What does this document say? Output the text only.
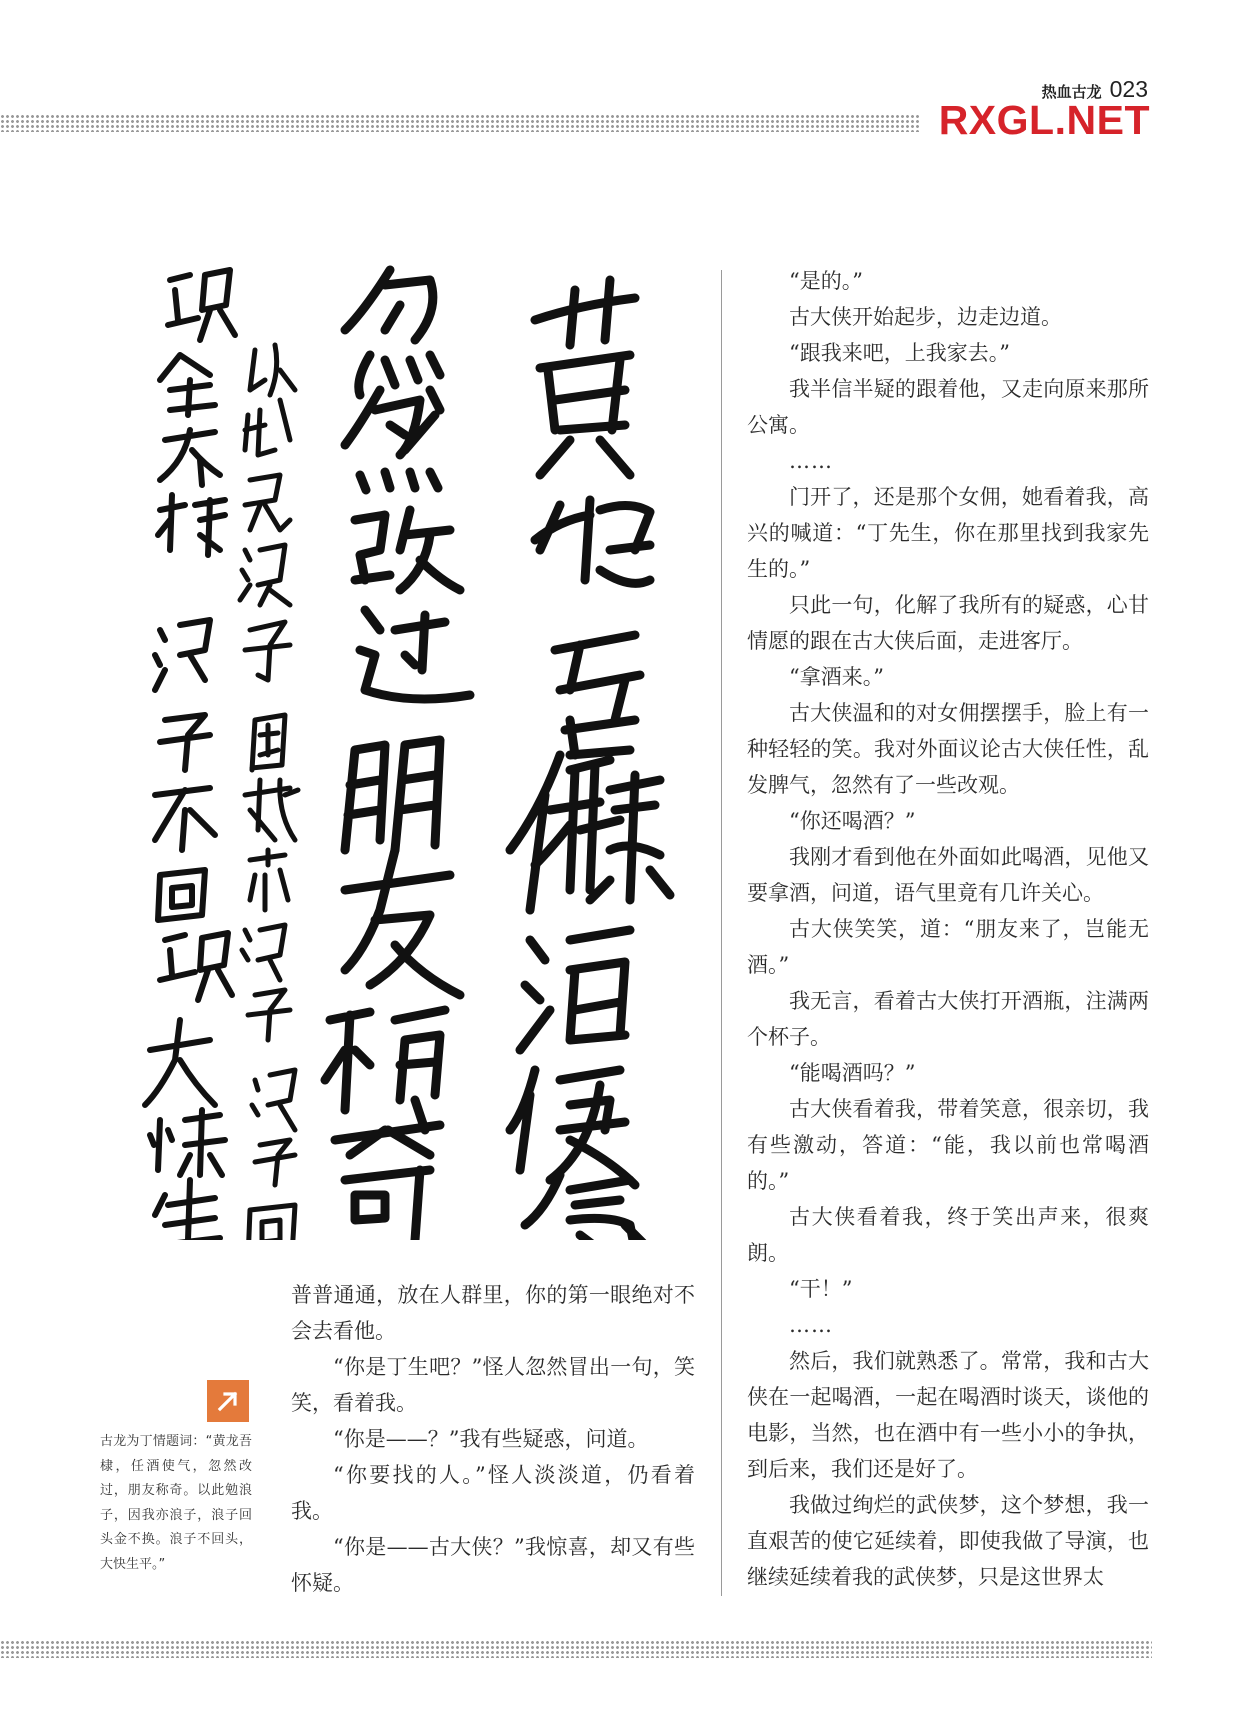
热血古龙 023
RXGL.NET

普普通通，放在人群里，你的第一眼绝对不会去看他。

“你是丁生吧？”怪人忽然冒出一句，笑笑，看着我。

“你是——？”我有些疑惑，问道。

“你要找的人。”怪人淡淡道，仍看着我。

“你是——古大侠？”我惊喜，却又有些怀疑。

“是的。”

古大侠开始起步，边走边道。

“跟我来吧，上我家去。”

我半信半疑的跟着他，又走向原来那所公寓。

……

门开了，还是那个女佣，她看着我，高兴的喊道：“丁先生，你在那里找到我家先生的。”

只此一句，化解了我所有的疑惑，心甘情愿的跟在古大侠后面，走进客厅。

“拿酒来。”

古大侠温和的对女佣摆摆手，脸上有一种轻轻的笑。我对外面议论古大侠任性，乱发脾气，忽然有了一些改观。

“你还喝酒？”

我刚才看到他在外面如此喝酒，见他又要拿酒，问道，语气里竟有几许关心。

古大侠笑笑，道：“朋友来了，岂能无酒。”

我无言，看着古大侠打开酒瓶，注满两个杯子。

“能喝酒吗？”

古大侠看着我，带着笑意，很亲切，我有些激动，答道：“能，我以前也常喝酒的。”

古大侠看着我，终于笑出声来，很爽朗。

“干！”

……

然后，我们就熟悉了。常常，我和古大侠在一起喝酒，一起在喝酒时谈天，谈他的电影，当然，也在酒中有一些小小的争执，到后来，我们还是好了。

我做过绚烂的武侠梦，这个梦想，我一直艰苦的使它延续着，即使我做了导演，也继续延续着我的武侠梦，只是这世界太

古龙为丁情题词：“黄龙吾棣，任酒使气，忽然改过，朋友称奇。以此勉浪子，因我亦浪子，浪子回头金不换。浪子不回头，大快生平。”
